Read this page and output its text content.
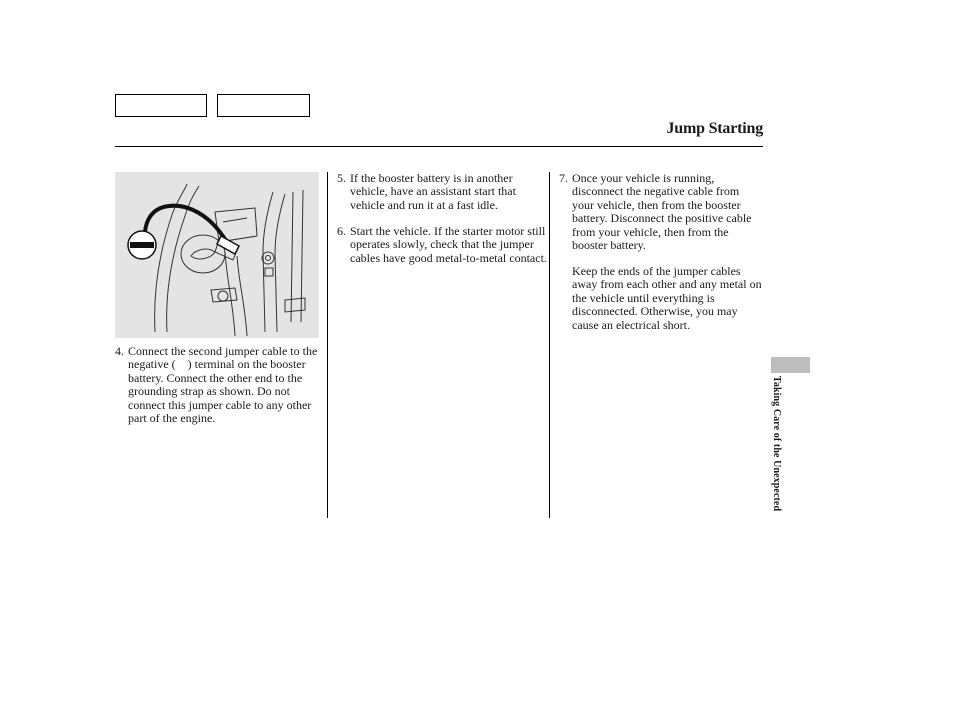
Jump Starting
4. Connect the second jumper cable to the negative ( ) terminal on the booster battery. Connect the other end to the grounding strap as shown. Do not connect this jumper cable to any other part of the engine.
5. If the booster battery is in another vehicle, have an assistant start that vehicle and run it at a fast idle.
6. Start the vehicle. If the starter motor still operates slowly, check that the jumper cables have good metal-to-metal contact.
7. Once your vehicle is running, disconnect the negative cable from your vehicle, then from the booster battery. Disconnect the positive cable from your vehicle, then from the booster battery.
Keep the ends of the jumper cables away from each other and any metal on the vehicle until everything is disconnected. Otherwise, you may cause an electrical short.
Taking Care of the Unexpected
